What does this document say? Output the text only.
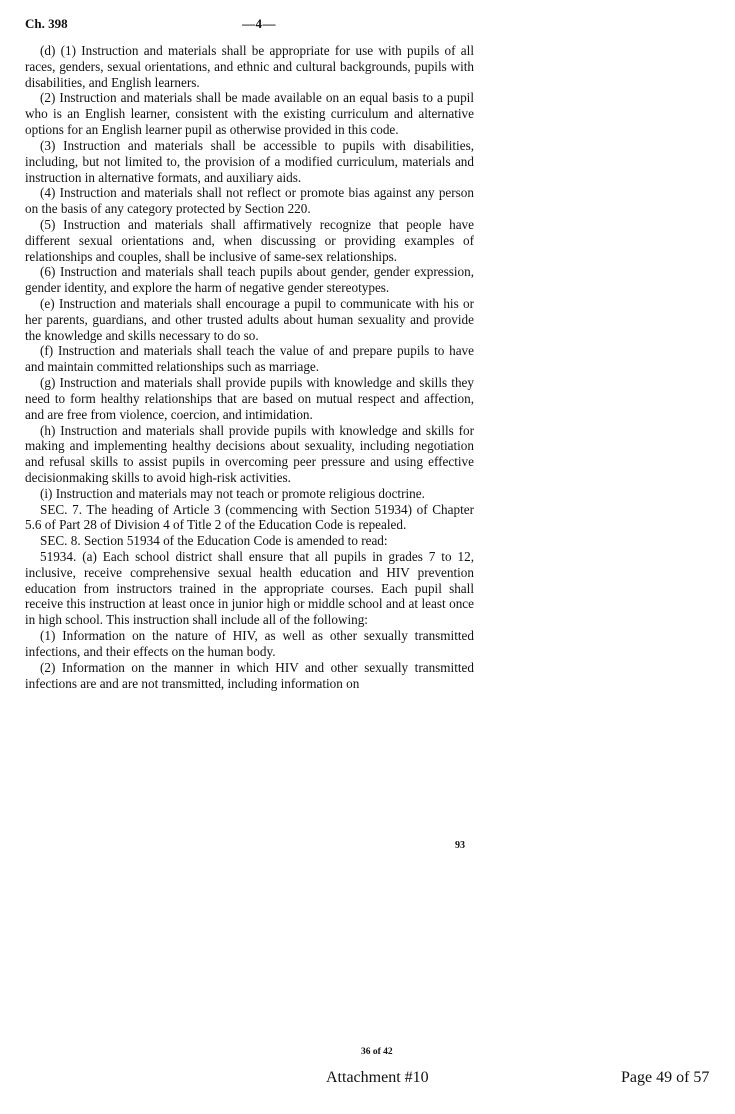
Ch. 398	—4—

(d) (1) Instruction and materials shall be appropriate for use with pupils of all races, genders, sexual orientations, and ethnic and cultural backgrounds, pupils with disabilities, and English learners.

(2) Instruction and materials shall be made available on an equal basis to a pupil who is an English learner, consistent with the existing curriculum and alternative options for an English learner pupil as otherwise provided in this code.

(3) Instruction and materials shall be accessible to pupils with disabilities, including, but not limited to, the provision of a modified curriculum, materials and instruction in alternative formats, and auxiliary aids.

(4) Instruction and materials shall not reflect or promote bias against any person on the basis of any category protected by Section 220.

(5) Instruction and materials shall affirmatively recognize that people have different sexual orientations and, when discussing or providing examples of relationships and couples, shall be inclusive of same-sex relationships.

(6) Instruction and materials shall teach pupils about gender, gender expression, gender identity, and explore the harm of negative gender stereotypes.

(e) Instruction and materials shall encourage a pupil to communicate with his or her parents, guardians, and other trusted adults about human sexuality and provide the knowledge and skills necessary to do so.

(f) Instruction and materials shall teach the value of and prepare pupils to have and maintain committed relationships such as marriage.

(g) Instruction and materials shall provide pupils with knowledge and skills they need to form healthy relationships that are based on mutual respect and affection, and are free from violence, coercion, and intimidation.

(h) Instruction and materials shall provide pupils with knowledge and skills for making and implementing healthy decisions about sexuality, including negotiation and refusal skills to assist pupils in overcoming peer pressure and using effective decisionmaking skills to avoid high-risk activities.

(i) Instruction and materials may not teach or promote religious doctrine.

SEC. 7. The heading of Article 3 (commencing with Section 51934) of Chapter 5.6 of Part 28 of Division 4 of Title 2 of the Education Code is repealed.

SEC. 8. Section 51934 of the Education Code is amended to read:

51934. (a) Each school district shall ensure that all pupils in grades 7 to 12, inclusive, receive comprehensive sexual health education and HIV prevention education from instructors trained in the appropriate courses. Each pupil shall receive this instruction at least once in junior high or middle school and at least once in high school. This instruction shall include all of the following:

(1) Information on the nature of HIV, as well as other sexually transmitted infections, and their effects on the human body.

(2) Information on the manner in which HIV and other sexually transmitted infections are and are not transmitted, including information on

93
36 of 42
Attachment #10	Page 49 of 57
